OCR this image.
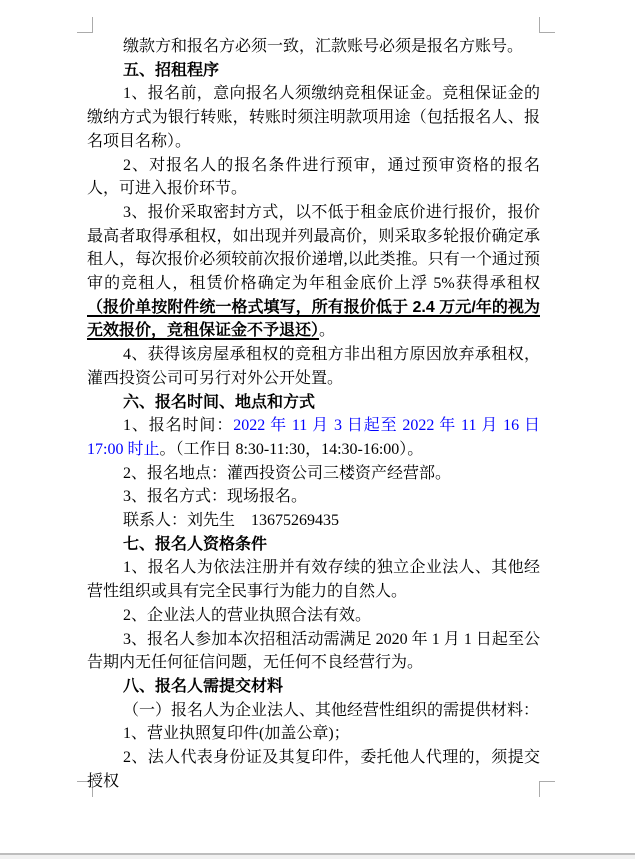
缴款方和报名方必须一致，汇款账号必须是报名方账号。

五、招租程序

1、报名前，意向报名人须缴纳竞租保证金。竞租保证金的缴纳方式为银行转账，转账时须注明款项用途（包括报名人、报名项目名称）。

2、对报名人的报名条件进行预审，通过预审资格的报名人，可进入报价环节。

3、报价采取密封方式，以不低于租金底价进行报价，报价最高者取得承租权，如出现并列最高价，则采取多轮报价确定承租人，每次报价必须较前次报价递增,以此类推。只有一个通过预审的竞租人，租赁价格确定为年租金底价上浮 5%获得承租权（报价单按附件统一格式填写，所有报价低于 2.4 万元/年的视为无效报价，竞租保证金不予退还）。

4、获得该房屋承租权的竞租方非出租方原因放弃承租权，灌西投资公司可另行对外公开处置。

六、报名时间、地点和方式

1、报名时间：2022 年 11 月 3 日起至 2022 年 11 月 16 日 17:00 时止。（工作日 8:30-11:30，14:30-16:00）。

2、报名地点：灌西投资公司三楼资产经营部。

3、报名方式：现场报名。

联系人：刘先生　13675269435

七、报名人资格条件

1、报名人为依法注册并有效存续的独立企业法人、其他经营性组织或具有完全民事行为能力的自然人。

2、企业法人的营业执照合法有效。

3、报名人参加本次招租活动需满足 2020 年 1 月 1 日起至公告期内无任何征信问题，无任何不良经营行为。

八、报名人需提交材料

（一）报名人为企业法人、其他经营性组织的需提供材料：

1、营业执照复印件(加盖公章)；

2、法人代表身份证及其复印件，委托他人代理的，须提交授权
